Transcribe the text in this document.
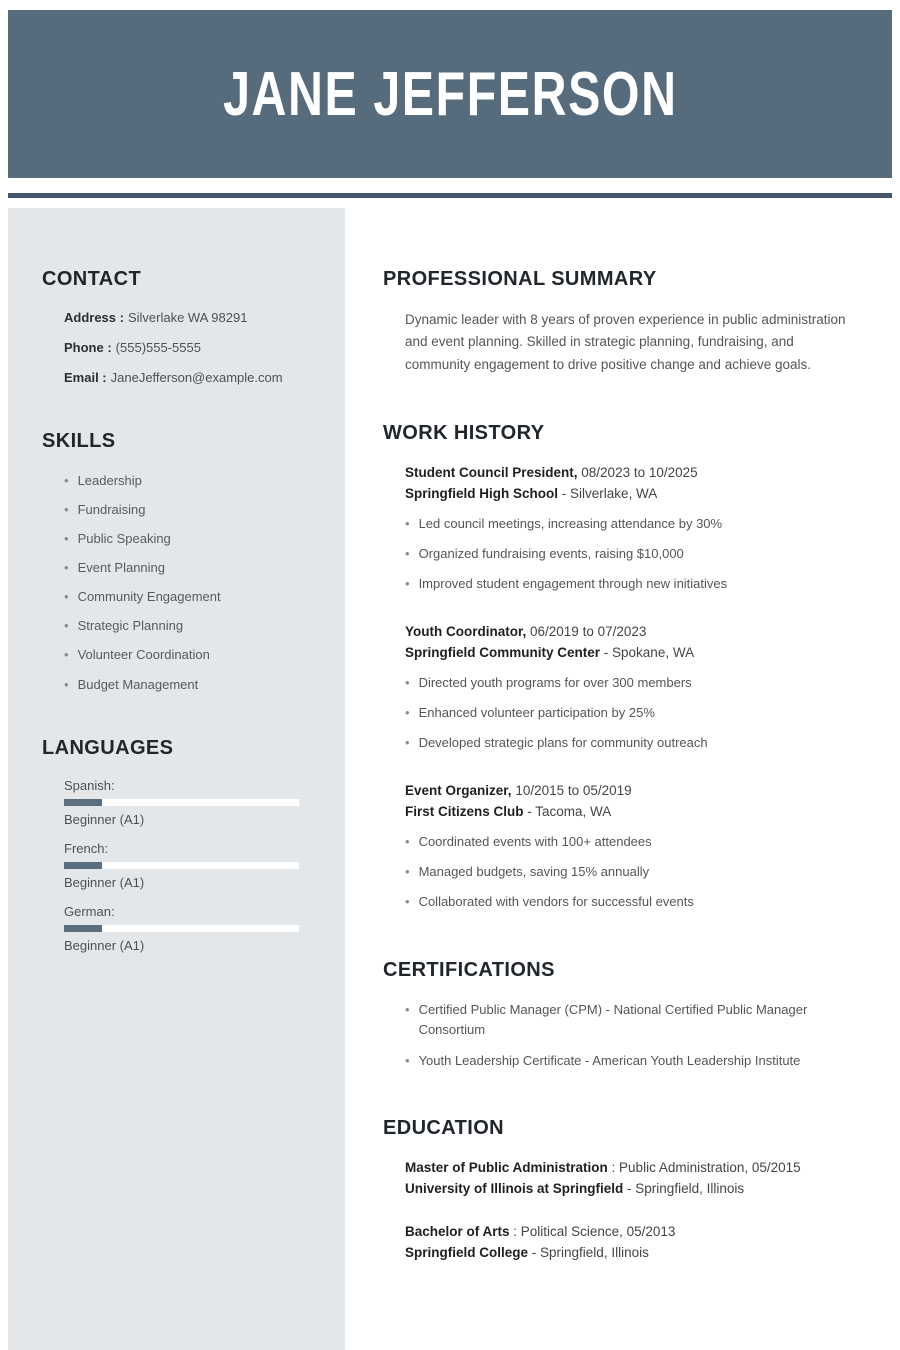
JANE JEFFERSON
CONTACT
Address : Silverlake WA 98291
Phone : (555)555-5555
Email : JaneJefferson@example.com
SKILLS
• Leadership
• Fundraising
• Public Speaking
• Event Planning
• Community Engagement
• Strategic Planning
• Volunteer Coordination
• Budget Management
LANGUAGES
Spanish:
Beginner (A1)
French:
Beginner (A1)
German:
Beginner (A1)
PROFESSIONAL SUMMARY
Dynamic leader with 8 years of proven experience in public administration and event planning. Skilled in strategic planning, fundraising, and community engagement to drive positive change and achieve goals.
WORK HISTORY
Student Council President, 08/2023 to 10/2025
Springfield High School - Silverlake, WA
• Led council meetings, increasing attendance by 30%
• Organized fundraising events, raising $10,000
• Improved student engagement through new initiatives
Youth Coordinator, 06/2019 to 07/2023
Springfield Community Center - Spokane, WA
• Directed youth programs for over 300 members
• Enhanced volunteer participation by 25%
• Developed strategic plans for community outreach
Event Organizer, 10/2015 to 05/2019
First Citizens Club - Tacoma, WA
• Coordinated events with 100+ attendees
• Managed budgets, saving 15% annually
• Collaborated with vendors for successful events
CERTIFICATIONS
• Certified Public Manager (CPM) - National Certified Public Manager Consortium
• Youth Leadership Certificate - American Youth Leadership Institute
EDUCATION
Master of Public Administration : Public Administration, 05/2015
University of Illinois at Springfield - Springfield, Illinois
Bachelor of Arts : Political Science, 05/2013
Springfield College - Springfield, Illinois
